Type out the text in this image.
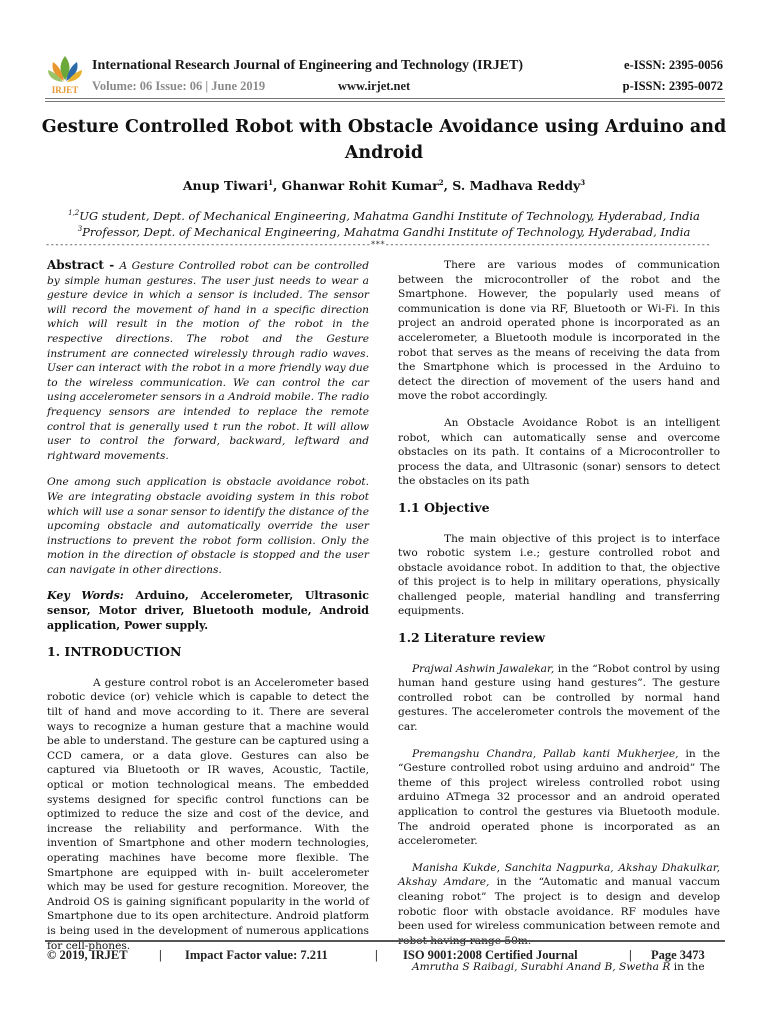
IRJET
International Research Journal of Engineering and Technology (IRJET)
Volume: 06 Issue: 06 | June 2019	www.irjet.net
e-ISSN: 2395-0056
p-ISSN: 2395-0072
Gesture Controlled Robot with Obstacle Avoidance using Arduino and Android
Anup Tiwari$^1$, Ghanwar Rohit Kumar$^2$, S. Madhava Reddy$^3$
$^{1,2}$UG student, Dept. of Mechanical Engineering, Mahatma Gandhi Institute of Technology, Hyderabad, India
$^3$Professor, Dept. of Mechanical Engineering, Mahatma Gandhi Institute of Technology, Hyderabad, India
---------------------------------------------------------------------***---------------------------------------------------------------------

Abstract - A Gesture Controlled robot can be controlled by simple human gestures. The user just needs to wear a gesture device in which a sensor is included. The sensor will record the movement of hand in a specific direction which will result in the motion of the robot in the respective directions. The robot and the Gesture instrument are connected wirelessly through radio waves. User can interact with the robot in a more friendly way due to the wireless communication. We can control the car using accelerometer sensors in a Android mobile. The radio frequency sensors are intended to replace the remote control that is generally used t run the robot. It will allow user to control the forward, backward, leftward and rightward movements.

One among such application is obstacle avoidance robot. We are integrating obstacle avoiding system in this robot which will use a sonar sensor to identify the distance of the upcoming obstacle and automatically override the user instructions to prevent the robot form collision. Only the motion in the direction of obstacle is stopped and the user can navigate in other directions.

Key Words: Arduino, Accelerometer, Ultrasonic sensor, Motor driver, Bluetooth module, Android application, Power supply.

1. INTRODUCTION

A gesture control robot is an Accelerometer based robotic device (or) vehicle which is capable to detect the tilt of hand and move according to it. There are several ways to recognize a human gesture that a machine would be able to understand. The gesture can be captured using a CCD camera, or a data glove. Gestures can also be captured via Bluetooth or IR waves, Acoustic, Tactile, optical or motion technological means. The embedded systems designed for specific control functions can be optimized to reduce the size and cost of the device, and increase the reliability and performance. With the invention of Smartphone and other modern technologies, operating machines have become more flexible. The Smartphone are equipped with in- built accelerometer which may be used for gesture recognition. Moreover, the Android OS is gaining significant popularity in the world of Smartphone due to its open architecture. Android platform is being used in the development of numerous applications for cell-phones.

There are various modes of communication between the microcontroller of the robot and the Smartphone. However, the popularly used means of communication is done via RF, Bluetooth or Wi-Fi. In this project an android operated phone is incorporated as an accelerometer, a Bluetooth module is incorporated in the robot that serves as the means of receiving the data from the Smartphone which is processed in the Arduino to detect the direction of movement of the users hand and move the robot accordingly.

An Obstacle Avoidance Robot is an intelligent robot, which can automatically sense and overcome obstacles on its path. It contains of a Microcontroller to process the data, and Ultrasonic (sonar) sensors to detect the obstacles on its path

1.1 Objective

The main objective of this project is to interface two robotic system i.e.; gesture controlled robot and obstacle avoidance robot. In addition to that, the objective of this project is to help in military operations, physically challenged people, material handling and transferring equipments.

1.2 Literature review

Prajwal Ashwin Jawalekar, in the “Robot control by using human hand gesture using hand gestures”. The gesture controlled robot can be controlled by normal hand gestures. The accelerometer controls the movement of the car.

Premangshu Chandra, Pallab kanti Mukherjee, in the “Gesture controlled robot using arduino and android” The theme of this project wireless controlled robot using arduino ATmega 32 processor and an android operated application to control the gestures via Bluetooth module. The android operated phone is incorporated as an accelerometer.

Manisha Kukde, Sanchita Nagpurka, Akshay Dhakulkar, Akshay Amdare, in the “Automatic and manual vaccum cleaning robot” The project is to design and develop robotic floor with obstacle avoidance. RF modules have been used for wireless communication between remote and robot having range 50m.

Amrutha S Raibagi, Surabhi Anand B, Swetha R in the

© 2019, IRJET	| Impact Factor value: 7.211	| ISO 9001:2008 Certified Journal	| Page 3473
